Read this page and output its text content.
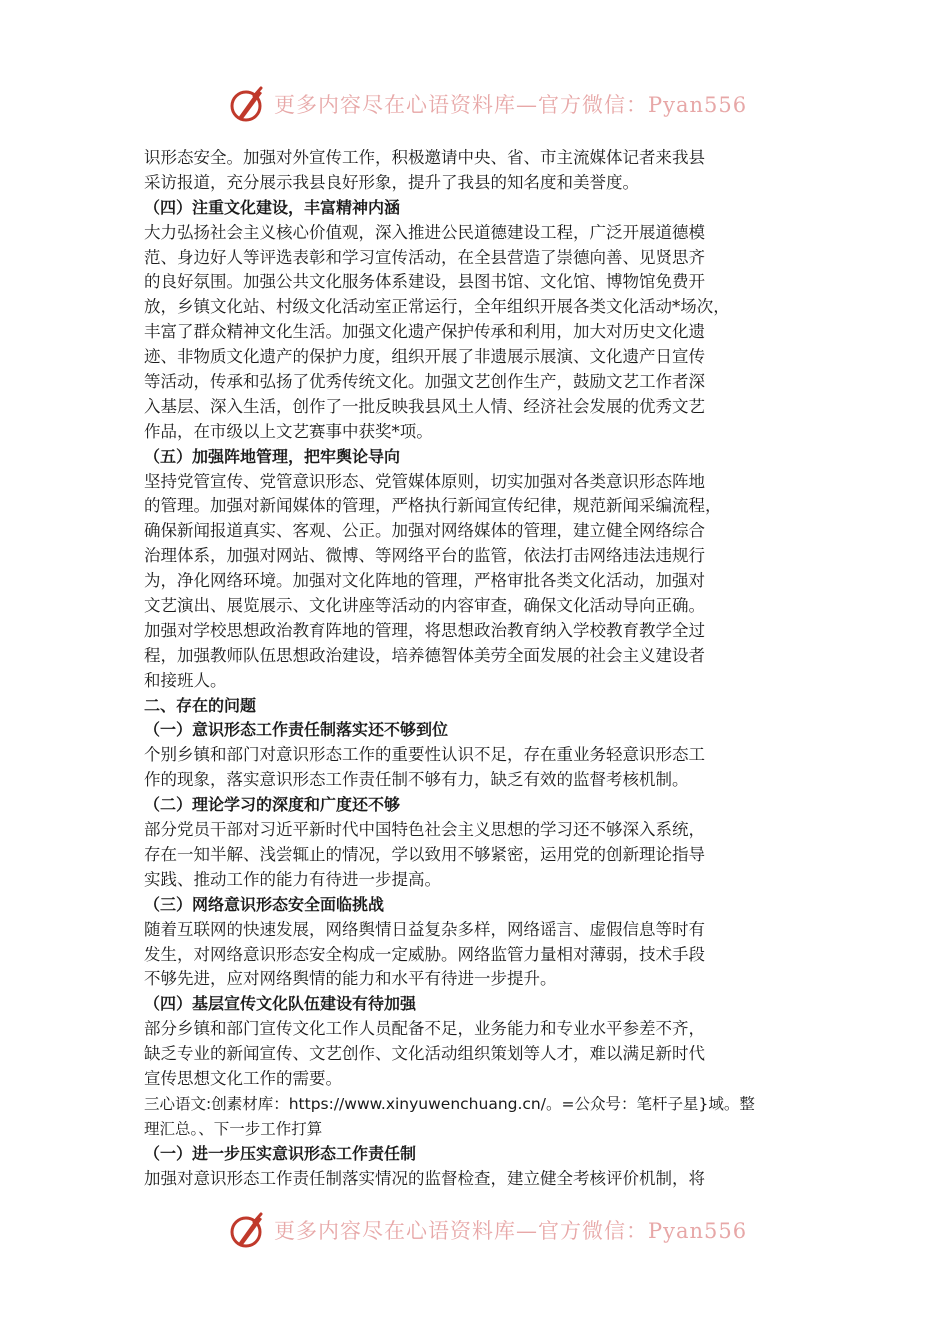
更多内容尽在心语资料库—官方微信：Pyan556
识形态安全。加强对外宣传工作，积极邀请中央、省、市主流媒体记者来我县
采访报道，充分展示我县良好形象，提升了我县的知名度和美誉度。
（四）注重文化建设，丰富精神内涵
大力弘扬社会主义核心价值观，深入推进公民道德建设工程，广泛开展道德模
范、身边好人等评选表彰和学习宣传活动，在全县营造了崇德向善、见贤思齐
的良好氛围。加强公共文化服务体系建设，县图书馆、文化馆、博物馆免费开
放，乡镇文化站、村级文化活动室正常运行，全年组织开展各类文化活动*场次，
丰富了群众精神文化生活。加强文化遗产保护传承和利用，加大对历史文化遗
迹、非物质文化遗产的保护力度，组织开展了非遗展示展演、文化遗产日宣传
等活动，传承和弘扬了优秀传统文化。加强文艺创作生产，鼓励文艺工作者深
入基层、深入生活，创作了一批反映我县风土人情、经济社会发展的优秀文艺
作品，在市级以上文艺赛事中获奖*项。
（五）加强阵地管理，把牢舆论导向
坚持党管宣传、党管意识形态、党管媒体原则，切实加强对各类意识形态阵地
的管理。加强对新闻媒体的管理，严格执行新闻宣传纪律，规范新闻采编流程，
确保新闻报道真实、客观、公正。加强对网络媒体的管理，建立健全网络综合
治理体系，加强对网站、微博、等网络平台的监管，依法打击网络违法违规行
为，净化网络环境。加强对文化阵地的管理，严格审批各类文化活动，加强对
文艺演出、展览展示、文化讲座等活动的内容审查，确保文化活动导向正确。
加强对学校思想政治教育阵地的管理，将思想政治教育纳入学校教育教学全过
程，加强教师队伍思想政治建设，培养德智体美劳全面发展的社会主义建设者
和接班人。
二、存在的问题
（一）意识形态工作责任制落实还不够到位
个别乡镇和部门对意识形态工作的重要性认识不足，存在重业务轻意识形态工
作的现象，落实意识形态工作责任制不够有力，缺乏有效的监督考核机制。
（二）理论学习的深度和广度还不够
部分党员干部对习近平新时代中国特色社会主义思想的学习还不够深入系统，
存在一知半解、浅尝辄止的情况，学以致用不够紧密，运用党的创新理论指导
实践、推动工作的能力有待进一步提高。
（三）网络意识形态安全面临挑战
随着互联网的快速发展，网络舆情日益复杂多样，网络谣言、虚假信息等时有
发生，对网络意识形态安全构成一定威胁。网络监管力量相对薄弱，技术手段
不够先进，应对网络舆情的能力和水平有待进一步提升。
（四）基层宣传文化队伍建设有待加强
部分乡镇和部门宣传文化工作人员配备不足，业务能力和专业水平参差不齐，
缺乏专业的新闻宣传、文艺创作、文化活动组织策划等人才，难以满足新时代
宣传思想文化工作的需要。
三心语文:创素材库：https://www.xinyuwenchuang.cn/。=公众号：笔杆子星}域。整
理汇总。、下一步工作打算
（一）进一步压实意识形态工作责任制
加强对意识形态工作责任制落实情况的监督检查，建立健全考核评价机制，将
更多内容尽在心语资料库—官方微信：Pyan556
